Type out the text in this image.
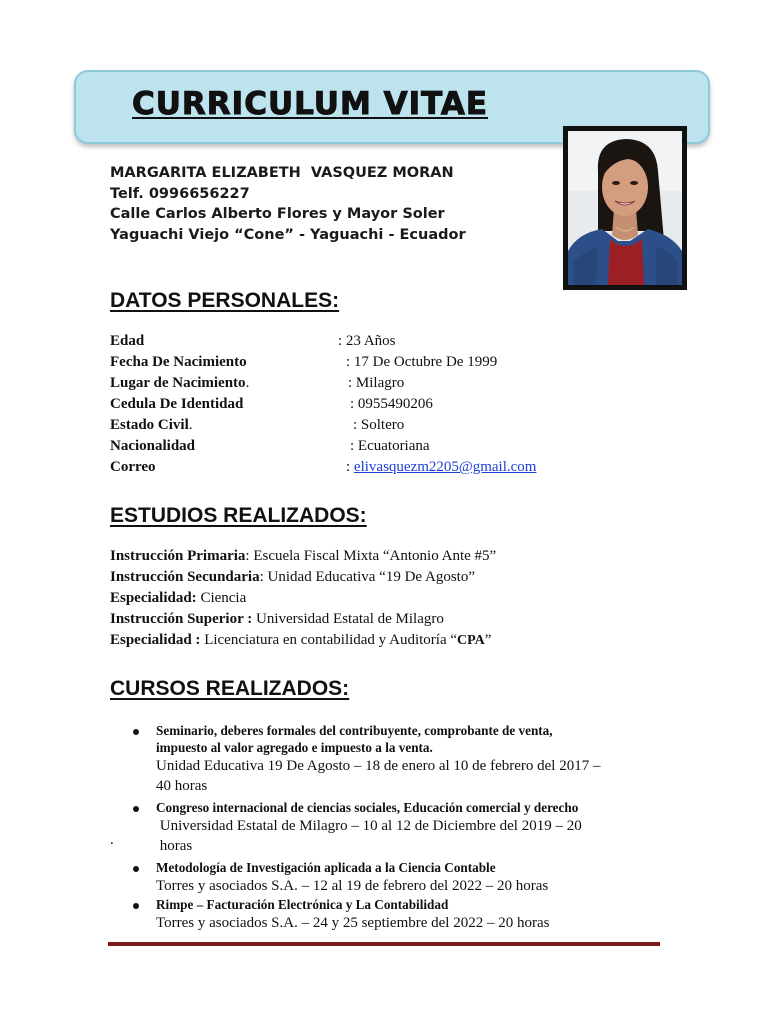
CURRICULUM VITAE
MARGARITA ELIZABETH  VASQUEZ MORAN
Telf. 0996656227
Calle Carlos Alberto Flores y Mayor Soler
Yaguachi Viejo “Cone” - Yaguachi - Ecuador
DATOS PERSONALES:
Edad	: 23 Años
Fecha De Nacimiento	: 17 De Octubre De 1999
Lugar de Nacimiento.	: Milagro
Cedula De Identidad	: 0955490206
Estado Civil.	: Soltero
Nacionalidad	: Ecuatoriana
Correo	: elivasquezm2205@gmail.com
ESTUDIOS REALIZADOS:
Instrucción Primaria: Escuela Fiscal Mixta “Antonio Ante #5”
Instrucción Secundaria: Unidad Educativa “19 De Agosto”
Especialidad: Ciencia
Instrucción Superior : Universidad Estatal de Milagro
Especialidad : Licenciatura en contabilidad y Auditoría “CPA”
CURSOS REALIZADOS:
Seminario, deberes formales del contribuyente, comprobante de venta,
impuesto al valor agregado e impuesto a la venta.
Unidad Educativa 19 De Agosto – 18 de enero al 10 de febrero del 2017 –
40 horas
Congreso internacional de ciencias sociales, Educación comercial y derecho
Universidad Estatal de Milagro – 10 al 12 de Diciembre del 2019 – 20
horas
Metodología de Investigación aplicada a la Ciencia Contable
Torres y asociados S.A. – 12 al 19 de febrero del 2022 – 20 horas
Rimpe – Facturación Electrónica y La Contabilidad
Torres y asociados S.A. – 24 y 25 septiembre del 2022 – 20 horas
.
